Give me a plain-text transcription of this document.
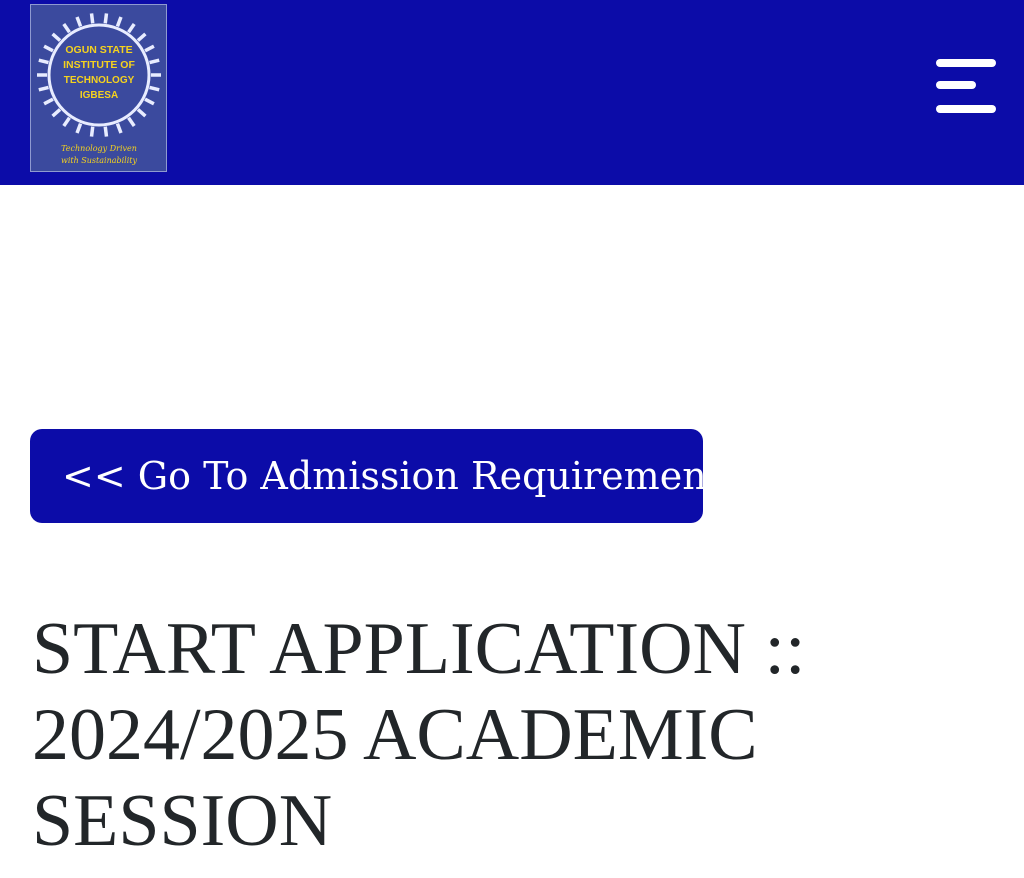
OGUN STATE
INSTITUTE OF
TECHNOLOGY
IGBESA
Technology Driven
with Sustainability
<< Go To Admission Requirements
START APPLICATION ::
2024/2025 ACADEMIC
SESSION
